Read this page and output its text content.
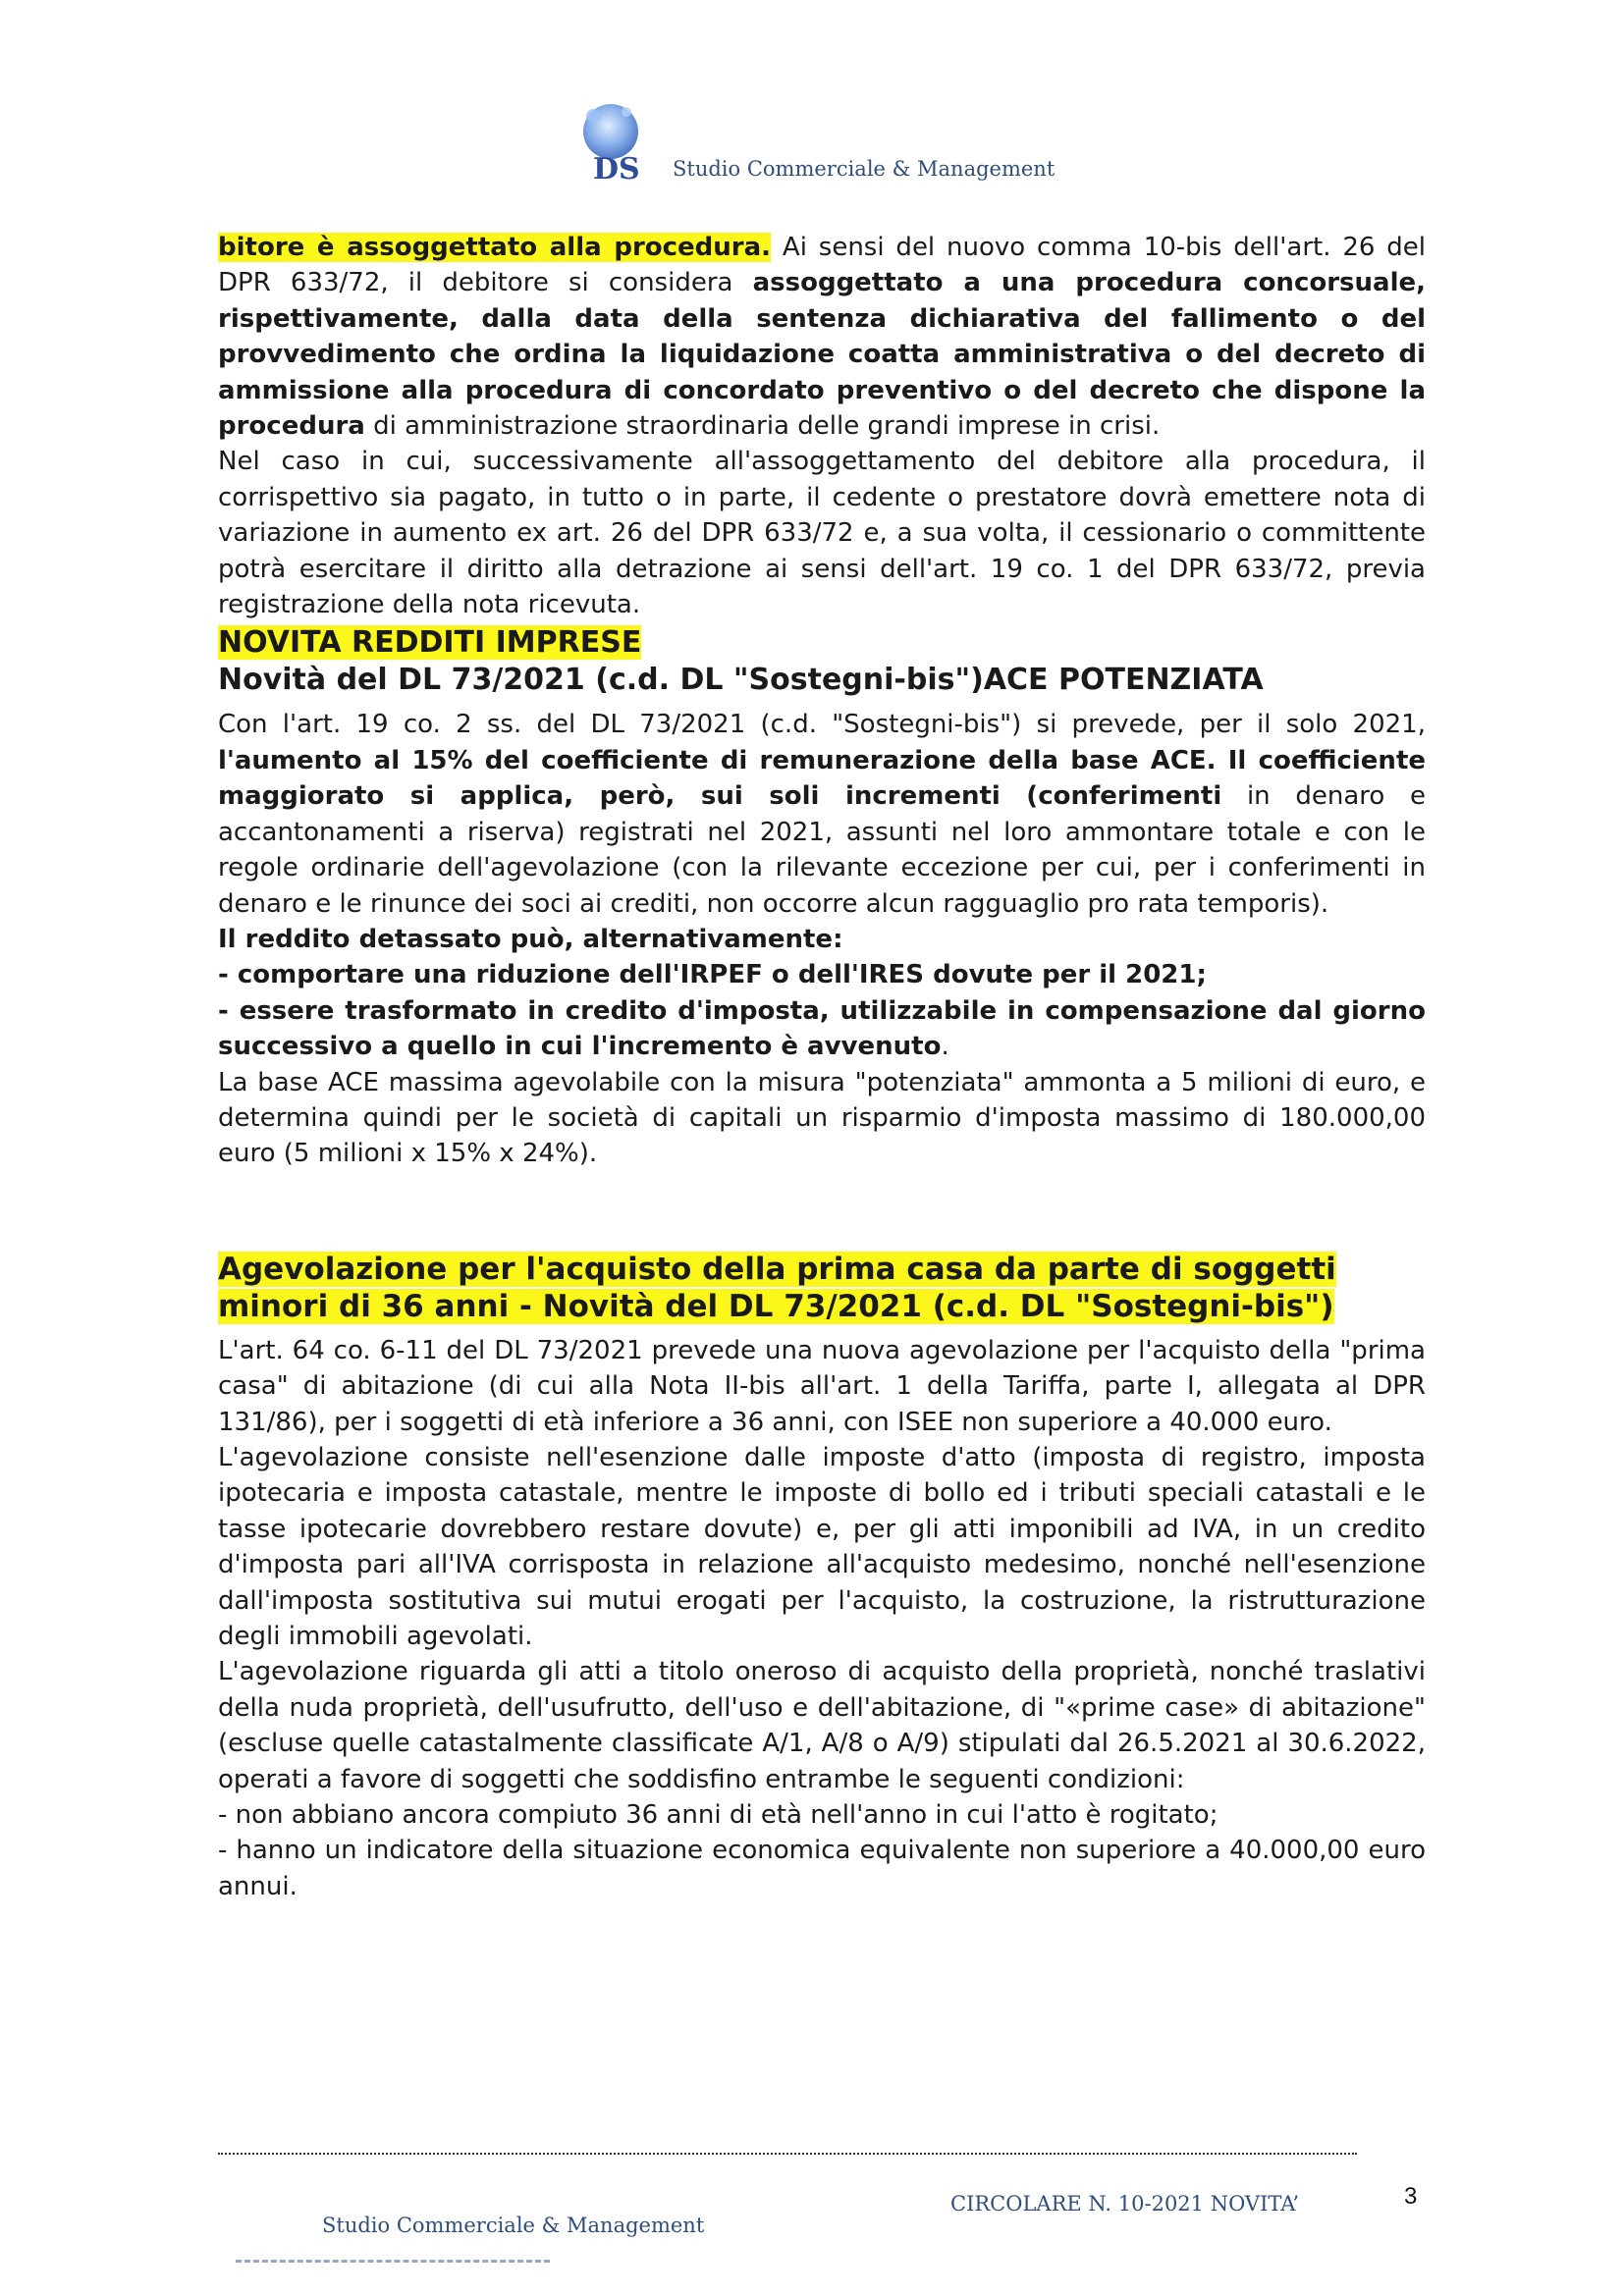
DS Studio Commerciale & Management

bitore è assoggettato alla procedura. Ai sensi del nuovo comma 10-bis dell'art. 26 del DPR 633/72, il debitore si considera assoggettato a una procedura concorsuale, rispettivamente, dalla data della sentenza dichiarativa del fallimento o del provvedimento che ordina la liquidazione coatta amministrativa o del decreto di ammissione alla procedura di concordato preventivo o del decreto che dispone la procedura di amministrazione straordinaria delle grandi imprese in crisi.

Nel caso in cui, successivamente all'assoggettamento del debitore alla procedura, il corrispettivo sia pagato, in tutto o in parte, il cedente o prestatore dovrà emettere nota di variazione in aumento ex art. 26 del DPR 633/72 e, a sua volta, il cessionario o committente potrà esercitare il diritto alla detrazione ai sensi dell'art. 19 co. 1 del DPR 633/72, previa registrazione della nota ricevuta.

NOVITA REDDITI IMPRESE
Novità del DL 73/2021 (c.d. DL "Sostegni-bis")ACE POTENZIATA

Con l'art. 19 co. 2 ss. del DL 73/2021 (c.d. "Sostegni-bis") si prevede, per il solo 2021, l'aumento al 15% del coefficiente di remunerazione della base ACE. Il coefficiente maggiorato si applica, però, sui soli incrementi (conferimenti in denaro e accantonamenti a riserva) registrati nel 2021, assunti nel loro ammontare totale e con le regole ordinarie dell'agevolazione (con la rilevante eccezione per cui, per i conferimenti in denaro e le rinunce dei soci ai crediti, non occorre alcun ragguaglio pro rata temporis).

Il reddito detassato può, alternativamente:

- comportare una riduzione dell'IRPEF o dell'IRES dovute per il 2021;

- essere trasformato in credito d'imposta, utilizzabile in compensazione dal giorno successivo a quello in cui l'incremento è avvenuto.

La base ACE massima agevolabile con la misura "potenziata" ammonta a 5 milioni di euro, e determina quindi per le società di capitali un risparmio d'imposta massimo di 180.000,00 euro (5 milioni x 15% x 24%).

Agevolazione per l'acquisto della prima casa da parte di soggetti minori di 36 anni - Novità del DL 73/2021 (c.d. DL "Sostegni-bis")

L'art. 64 co. 6-11 del DL 73/2021 prevede una nuova agevolazione per l'acquisto della "prima casa" di abitazione (di cui alla Nota II-bis all'art. 1 della Tariffa, parte I, allegata al DPR 131/86), per i soggetti di età inferiore a 36 anni, con ISEE non superiore a 40.000 euro.

L'agevolazione consiste nell'esenzione dalle imposte d'atto (imposta di registro, imposta ipotecaria e imposta catastale, mentre le imposte di bollo ed i tributi speciali catastali e le tasse ipotecarie dovrebbero restare dovute) e, per gli atti imponibili ad IVA, in un credito d'imposta pari all'IVA corrisposta in relazione all'acquisto medesimo, nonché nell'esenzione dall'imposta sostitutiva sui mutui erogati per l'acquisto, la costruzione, la ristrutturazione degli immobili agevolati.

L'agevolazione riguarda gli atti a titolo oneroso di acquisto della proprietà, nonché traslativi della nuda proprietà, dell'usufrutto, dell'uso e dell'abitazione, di "«prime case» di abitazione" (escluse quelle catastalmente classificate A/1, A/8 o A/9) stipulati dal 26.5.2021 al 30.6.2022, operati a favore di soggetti che soddisfino entrambe le seguenti condizioni:

- non abbiano ancora compiuto 36 anni di età nell'anno in cui l'atto è rogitato;

- hanno un indicatore della situazione economica equivalente non superiore a 40.000,00 euro annui.

CIRCOLARE N. 10-2021 NOVITA’	3
Studio Commerciale & Management
